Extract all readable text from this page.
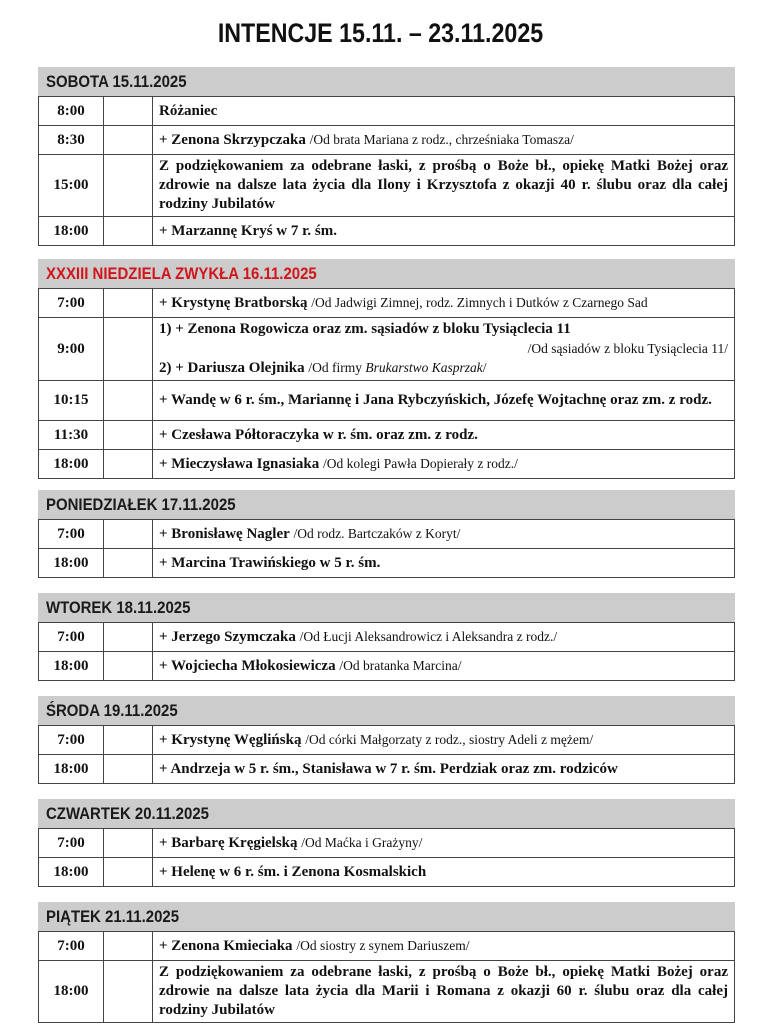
INTENCJE 15.11. – 23.11.2025
SOBOTA 15.11.2025
8:00		Różaniec
8:30		+ Zenona Skrzypczaka /Od brata Mariana z rodz., chrześniaka Tomasza/
15:00		Z podziękowaniem za odebrane łaski, z prośbą o Boże bł., opiekę Matki Bożej oraz zdrowie na dalsze lata życia dla Ilony i Krzysztofa z okazji 40 r. ślubu oraz dla całej rodziny Jubilatów
18:00		+ Marzannę Kryś w 7 r. śm.
XXXIII NIEDZIELA ZWYKŁA 16.11.2025
7:00		+ Krystynę Bratborską /Od Jadwigi Zimnej, rodz. Zimnych i Dutków z Czarnego Sad
9:00		1) + Zenona Rogowicza oraz zm. sąsiadów z bloku Tysiąclecia 11
/Od sąsiadów z bloku Tysiąclecia 11/
2) + Dariusza Olejnika /Od firmy Brukarstwo Kasprzak/

10:15		+ Wandę w 6 r. śm., Mariannę i Jana Rybczyńskich, Józefę Wojtachnę oraz zm. z rodz.
11:30		+ Czesława Półtoraczyka w r. śm. oraz zm. z rodz.
18:00		+ Mieczysława Ignasiaka /Od kolegi Pawła Dopierały z rodz./
PONIEDZIAŁEK 17.11.2025
7:00		+ Bronisławę Nagler /Od rodz. Bartczaków z Koryt/
18:00		+ Marcina Trawińskiego w 5 r. śm.
WTOREK 18.11.2025
7:00		+ Jerzego Szymczaka /Od Łucji Aleksandrowicz i Aleksandra z rodz./
18:00		+ Wojciecha Młokosiewicza /Od bratanka Marcina/
ŚRODA 19.11.2025
7:00		+ Krystynę Węglińską /Od córki Małgorzaty z rodz., siostry Adeli z mężem/
18:00		+ Andrzeja w 5 r. śm., Stanisława w 7 r. śm. Perdziak oraz zm. rodziców
CZWARTEK 20.11.2025
7:00		+ Barbarę Kręgielską /Od Maćka i Grażyny/
18:00		+ Helenę w 6 r. śm. i Zenona Kosmalskich
PIĄTEK 21.11.2025
7:00		+ Zenona Kmieciaka /Od siostry z synem Dariuszem/
18:00		Z podziękowaniem za odebrane łaski, z prośbą o Boże bł., opiekę Matki Bożej oraz zdrowie na dalsze lata życia dla Marii i Romana z okazji 60 r. ślubu oraz dla całej rodziny Jubilatów
